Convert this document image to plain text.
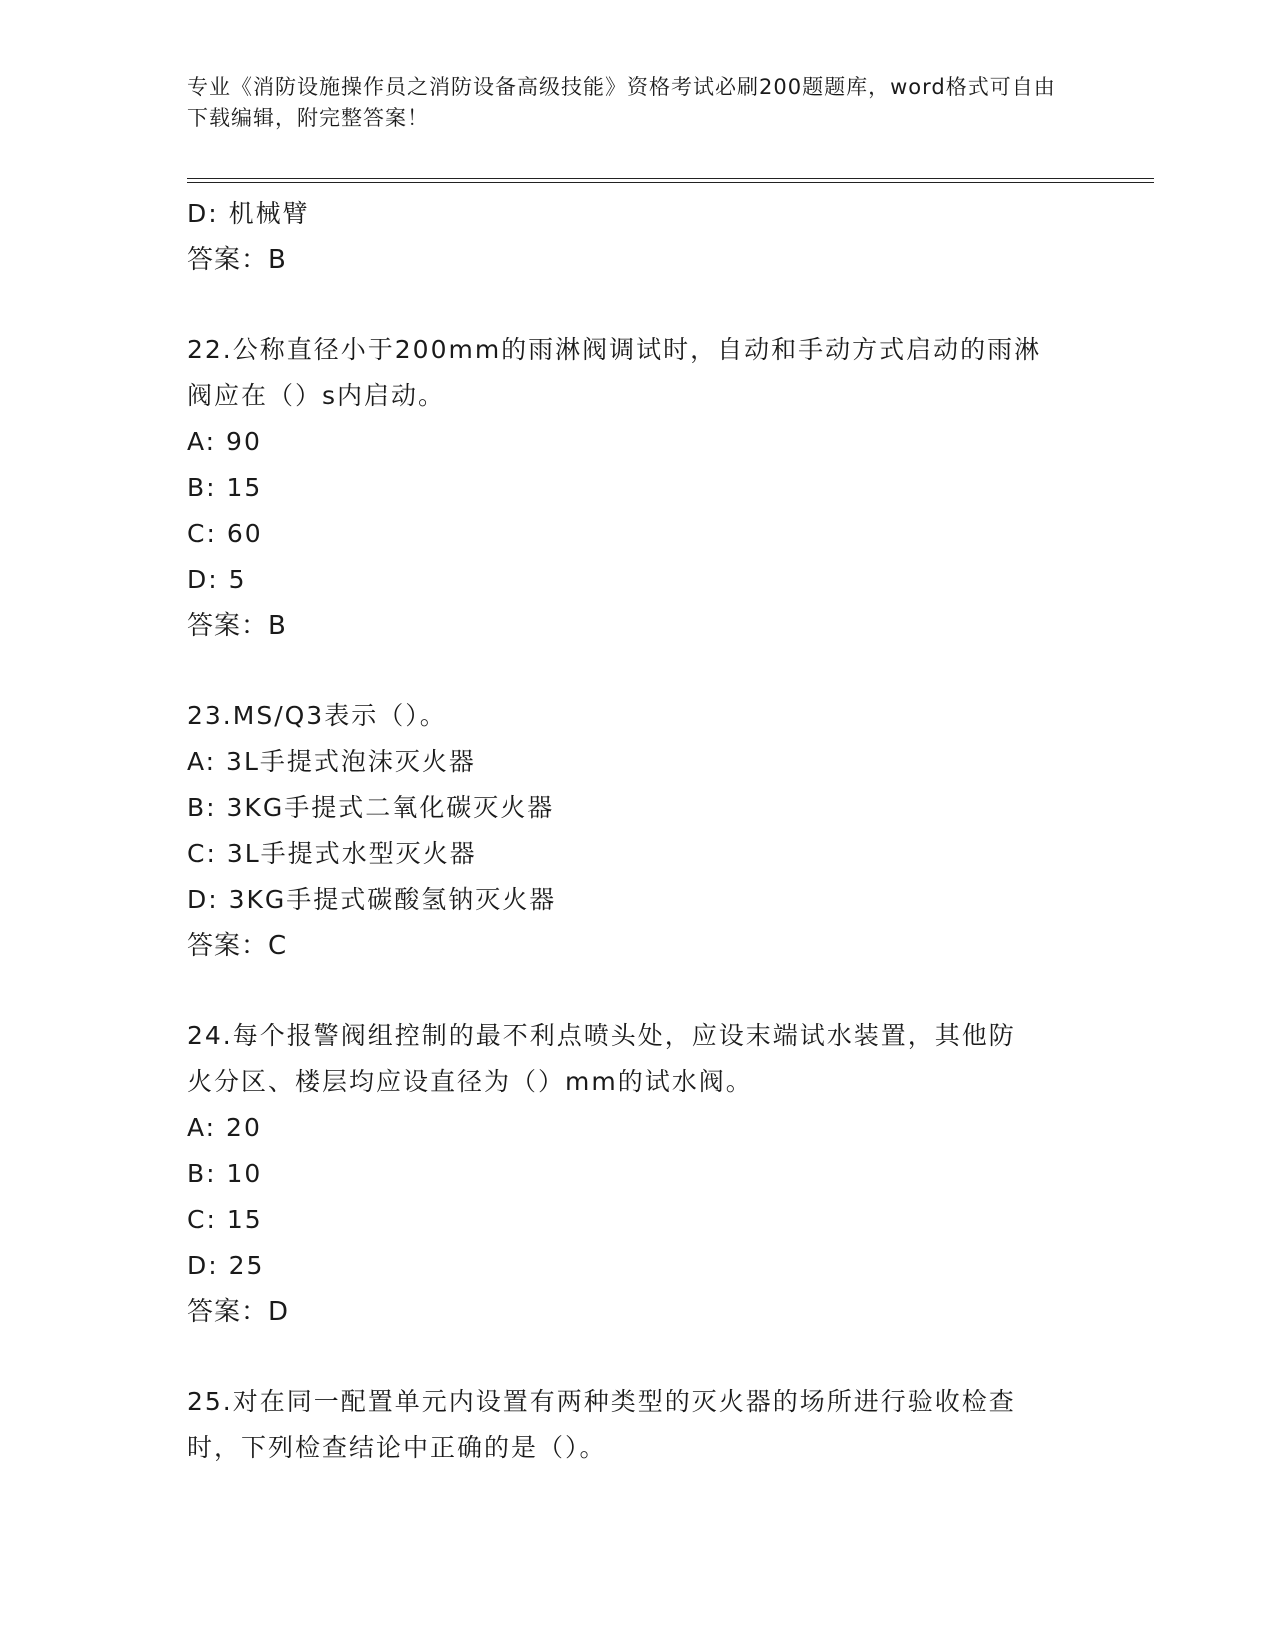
专业《消防设施操作员之消防设备高级技能》资格考试必刷200题题库，word格式可自由下载编辑，附完整答案！
D: 机械臂
答案：B
22.公称直径小于200mm的雨淋阀调试时，自动和手动方式启动的雨淋
阀应在（）s内启动。
A: 90
B: 15
C: 60
D: 5
答案：B
23.MS/Q3表示（）。
A: 3L手提式泡沫灭火器
B: 3KG手提式二氧化碳灭火器
C: 3L手提式水型灭火器
D: 3KG手提式碳酸氢钠灭火器
答案：C
24.每个报警阀组控制的最不利点喷头处，应设末端试水装置，其他防
火分区、楼层均应设直径为（）mm的试水阀。
A: 20
B: 10
C: 15
D: 25
答案：D
25.对在同一配置单元内设置有两种类型的灭火器的场所进行验收检查
时，下列检查结论中正确的是（）。
